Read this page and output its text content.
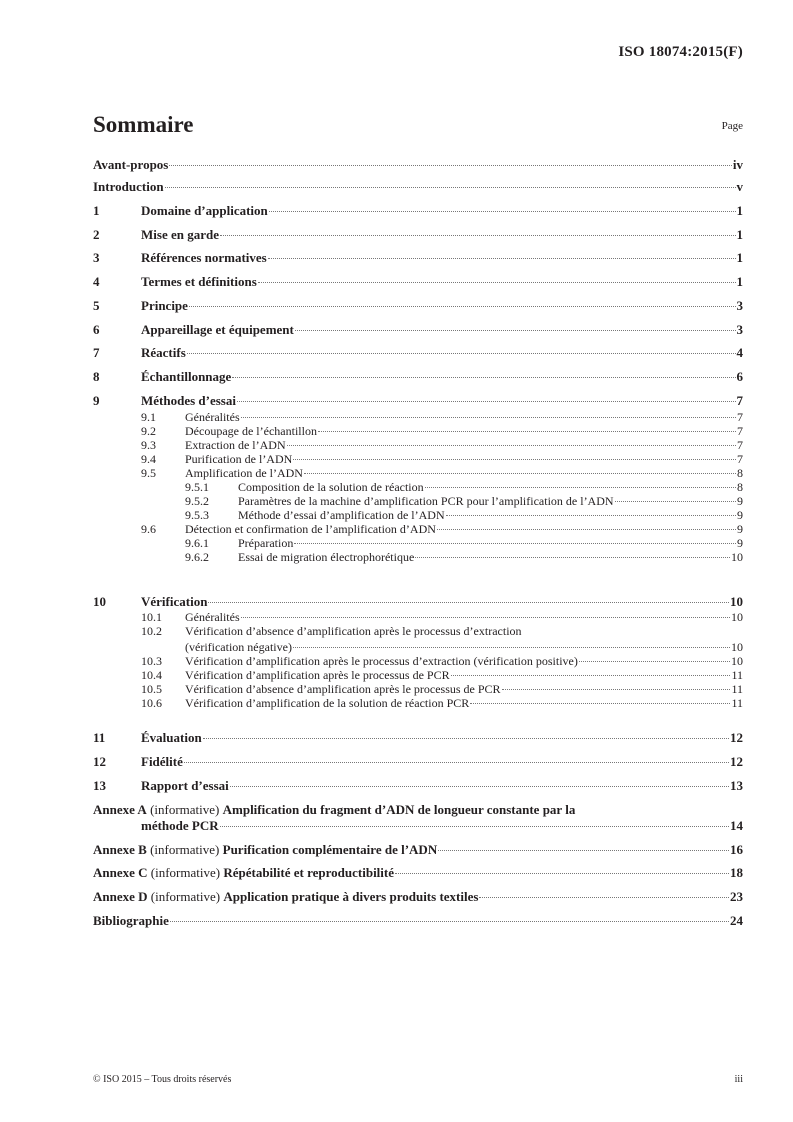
ISO 18074:2015(F)
Sommaire	Page
Avant-propos	iv
Introduction	v
1	Domaine d’application	1
2	Mise en garde	1
3	Références normatives	1
4	Termes et définitions	1
5	Principe	3
6	Appareillage et équipement	3
7	Réactifs	4
8	Échantillonnage	6
9	Méthodes d’essai	7
9.1	Généralités	7
9.2	Découpage de l’échantillon	7
9.3	Extraction de l’ADN	7
9.4	Purification de l’ADN	7
9.5	Amplification de l’ADN	8
9.5.1	Composition de la solution de réaction	8
9.5.2	Paramètres de la machine d’amplification PCR pour l’amplification de l’ADN	9
9.5.3	Méthode d’essai d’amplification de l’ADN	9
9.6	Détection et confirmation de l’amplification d’ADN	9
9.6.1	Préparation	9
9.6.2	Essai de migration électrophorétique	10
10	Vérification	10
10.1	Généralités	10
10.2	Vérification d’absence d’amplification après le processus d’extraction
(vérification négative)	10
10.3	Vérification d’amplification après le processus d’extraction (vérification positive)	10
10.4	Vérification d’amplification après le processus de PCR	11
10.5	Vérification d’absence d’amplification après le processus de PCR	11
10.6	Vérification d’amplification de la solution de réaction PCR	11
11	Évaluation	12
12	Fidélité	12
13	Rapport d’essai	13
Annexe A
(informative)
Amplification du fragment d’ADN de longueur constante par la
méthode PCR	14
Annexe B
(informative)
Purification complémentaire de l’ADN	16
Annexe C
(informative)
Répétabilité et reproductibilité	18
Annexe D
(informative)
Application pratique à divers produits textiles	23
Bibliographie	24
© ISO 2015 – Tous droits réservés	iii
